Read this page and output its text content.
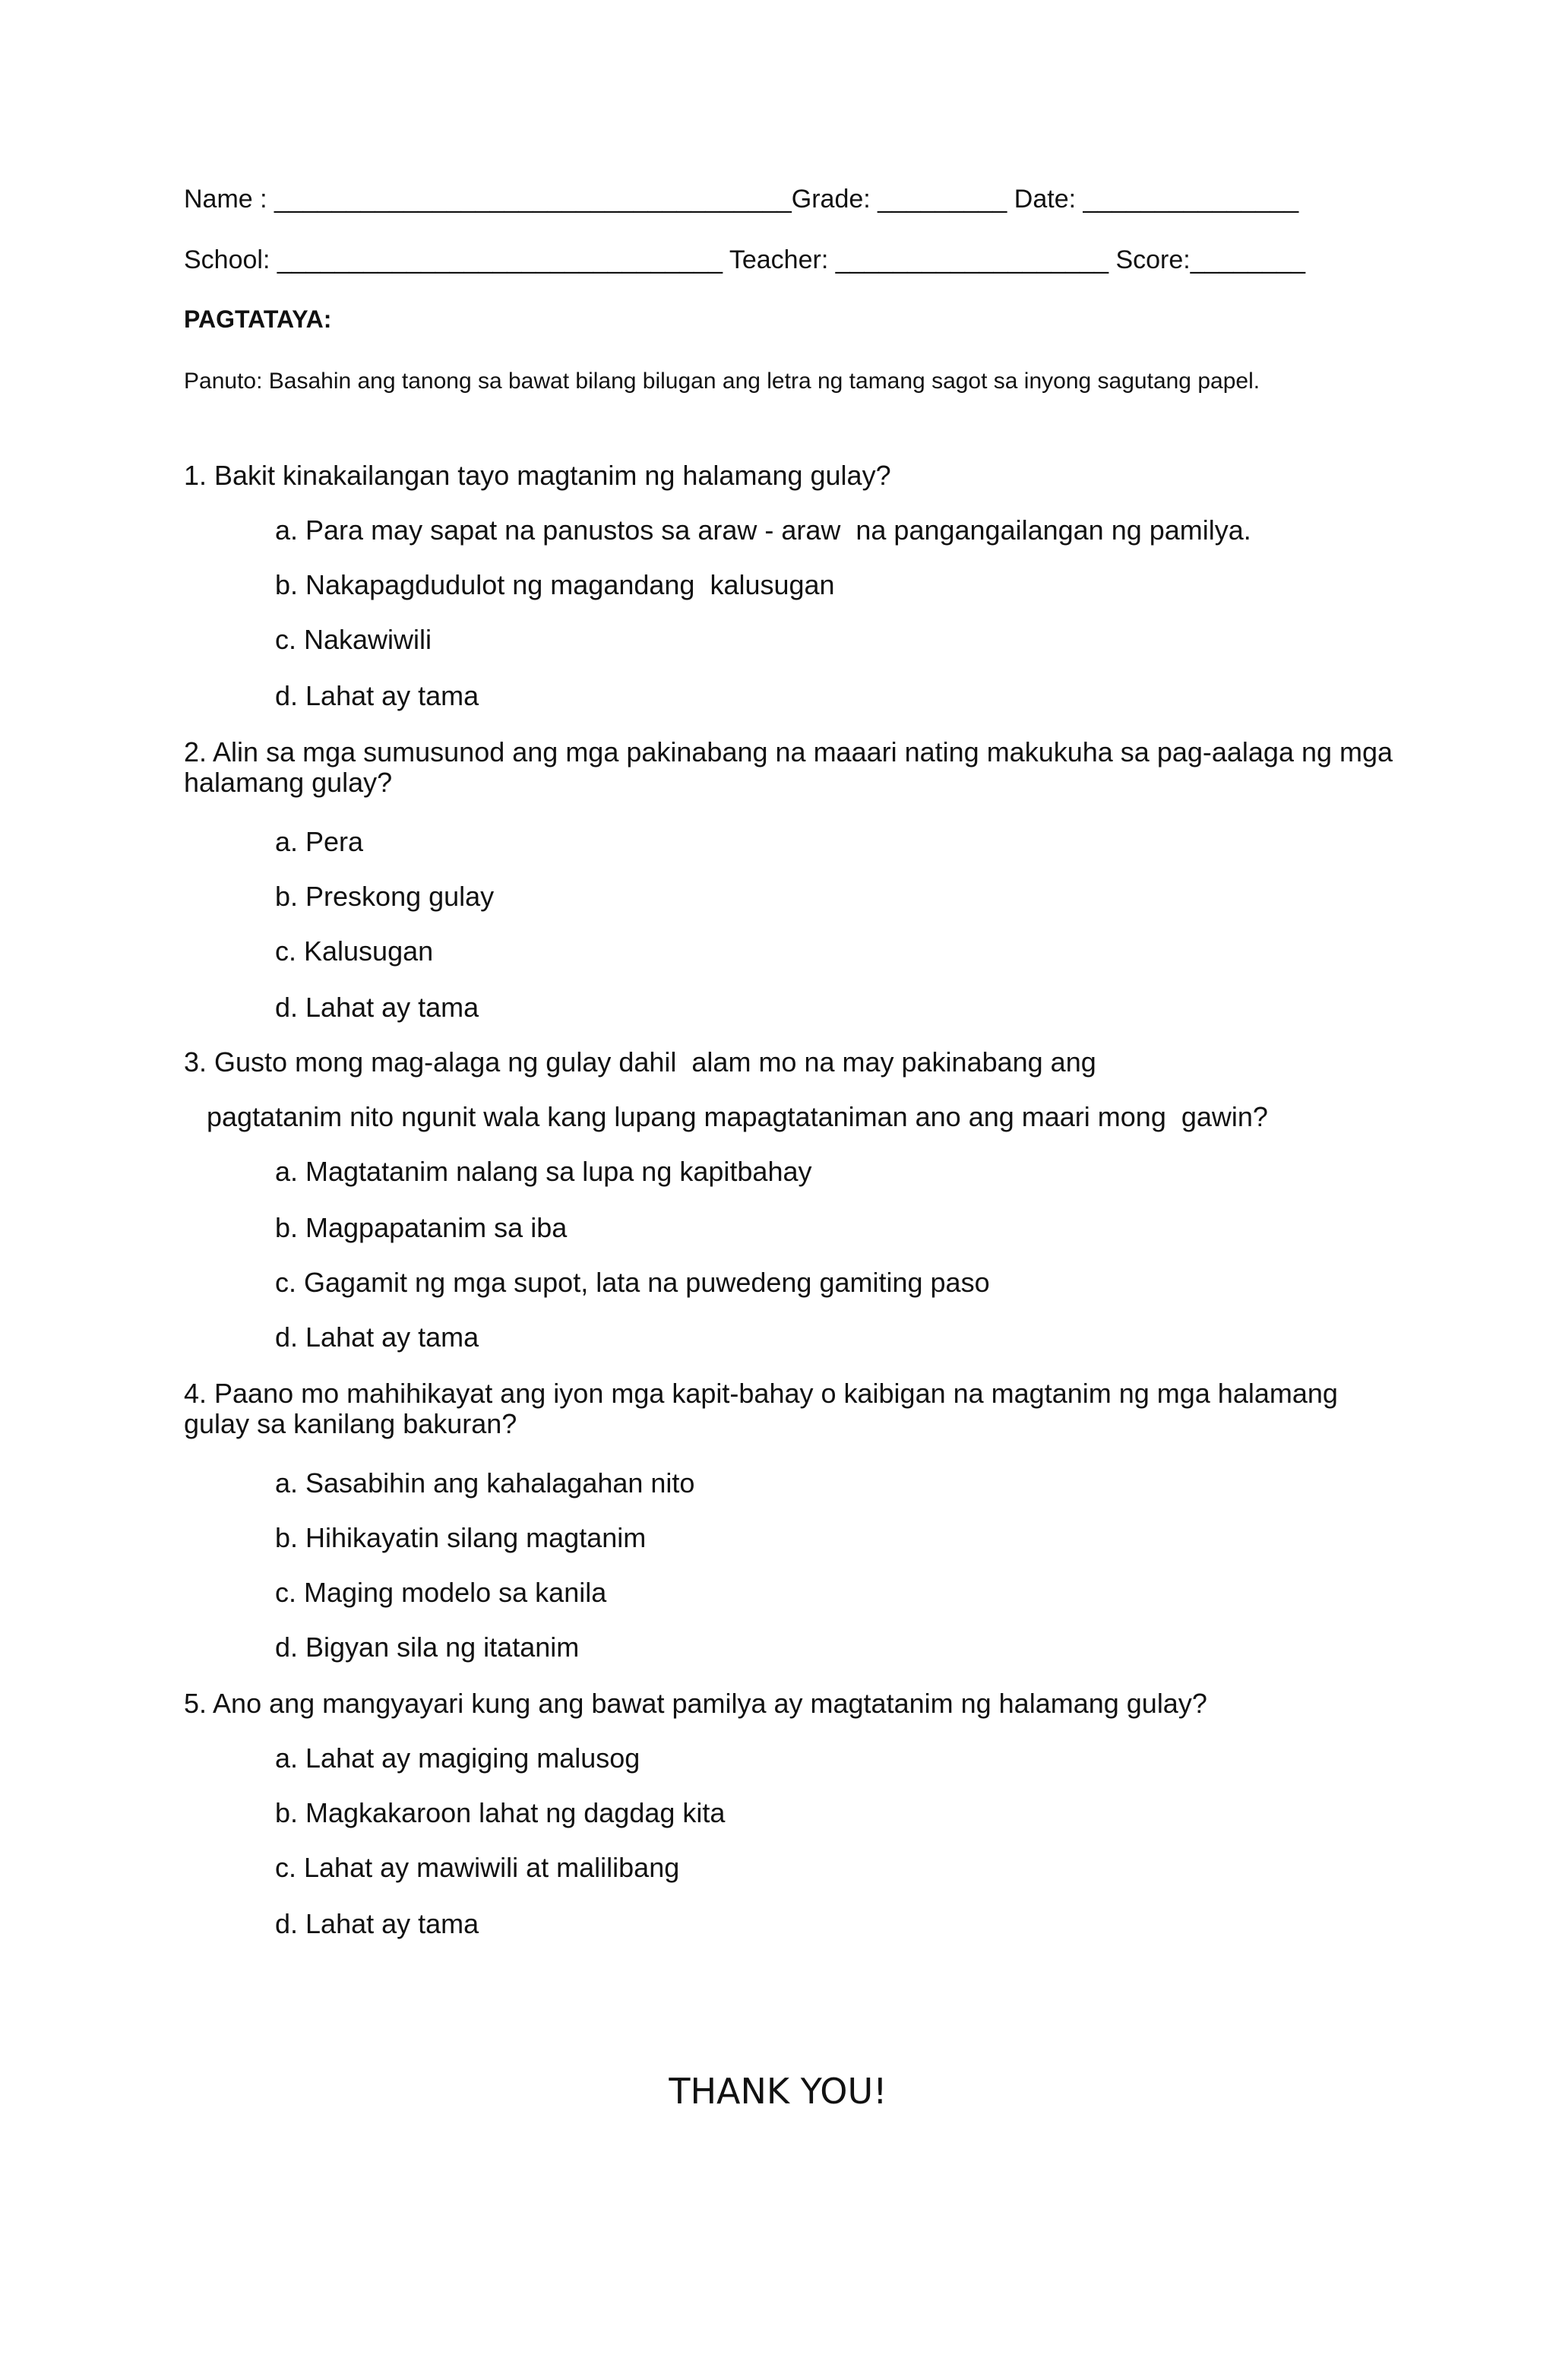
Name : ____________________________________Grade: _________ Date: _______________
School: _______________________________ Teacher: ___________________ Score:________
PAGTATAYA:
Panuto: Basahin ang tanong sa bawat bilang bilugan ang letra ng tamang sagot sa inyong sagutang papel.
1. Bakit kinakailangan tayo magtanim ng halamang gulay?
a. Para may sapat na panustos sa araw - araw  na pangangailangan ng pamilya.
b. Nakapagdudulot ng magandang  kalusugan
c. Nakawiwili
d. Lahat ay tama
2. Alin sa mga sumusunod ang mga pakinabang na maaari nating makukuha sa pag-aalaga ng mga halamang gulay?
a. Pera
b. Preskong gulay
c. Kalusugan
d. Lahat ay tama
3. Gusto mong mag-alaga ng gulay dahil  alam mo na may pakinabang ang
pagtatanim nito ngunit wala kang lupang mapagtataniman ano ang maari mong  gawin?
a. Magtatanim nalang sa lupa ng kapitbahay
b. Magpapatanim sa iba
c. Gagamit ng mga supot, lata na puwedeng gamiting paso
d. Lahat ay tama
4. Paano mo mahihikayat ang iyon mga kapit-bahay o kaibigan na magtanim ng mga halamang gulay sa kanilang bakuran?
a. Sasabihin ang kahalagahan nito
b. Hihikayatin silang magtanim
c. Maging modelo sa kanila
d. Bigyan sila ng itatanim
5. Ano ang mangyayari kung ang bawat pamilya ay magtatanim ng halamang gulay?
a. Lahat ay magiging malusog
b. Magkakaroon lahat ng dagdag kita
c. Lahat ay mawiwili at malilibang
d. Lahat ay tama
THANK YOU!
